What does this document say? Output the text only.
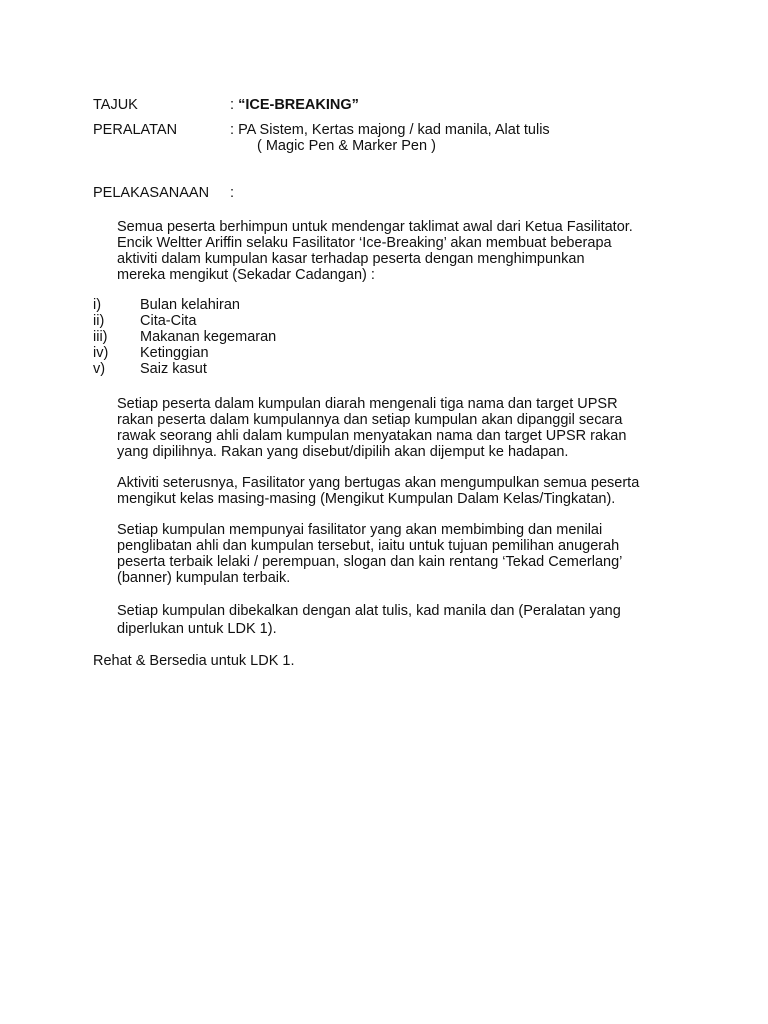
TAJUK	: “ICE-BREAKING”
PERALATAN	: PA Sistem, Kertas majong / kad manila, Alat tulis
( Magic Pen & Marker Pen )
PELAKASANAAN :
Semua peserta berhimpun untuk mendengar taklimat awal dari Ketua Fasilitator.
Encik Weltter Ariffin selaku Fasilitator ‘Ice-Breaking’ akan membuat beberapa
aktiviti dalam kumpulan kasar terhadap peserta dengan menghimpunkan
mereka mengikut (Sekadar Cadangan) :
i)	Bulan kelahiran
ii) Cita-Cita
iii) Makanan kegemaran
iv) Ketinggian
v) Saiz kasut
Setiap peserta dalam kumpulan diarah mengenali tiga nama dan target UPSR
rakan peserta dalam kumpulannya dan setiap kumpulan akan dipanggil secara
rawak seorang ahli dalam kumpulan menyatakan nama dan target UPSR rakan
yang dipilihnya. Rakan yang disebut/dipilih akan dijemput ke hadapan.
Aktiviti seterusnya, Fasilitator yang bertugas akan mengumpulkan semua peserta
mengikut kelas masing-masing (Mengikut Kumpulan Dalam Kelas/Tingkatan).
Setiap kumpulan mempunyai fasilitator yang akan membimbing dan menilai
penglibatan ahli dan kumpulan tersebut, iaitu untuk tujuan pemilihan anugerah
peserta terbaik lelaki / perempuan, slogan dan kain rentang ‘Tekad Cemerlang’
(banner) kumpulan terbaik.
Setiap kumpulan dibekalkan dengan alat tulis, kad manila dan (Peralatan yang
diperlukan untuk LDK 1).
Rehat & Bersedia untuk LDK 1.
